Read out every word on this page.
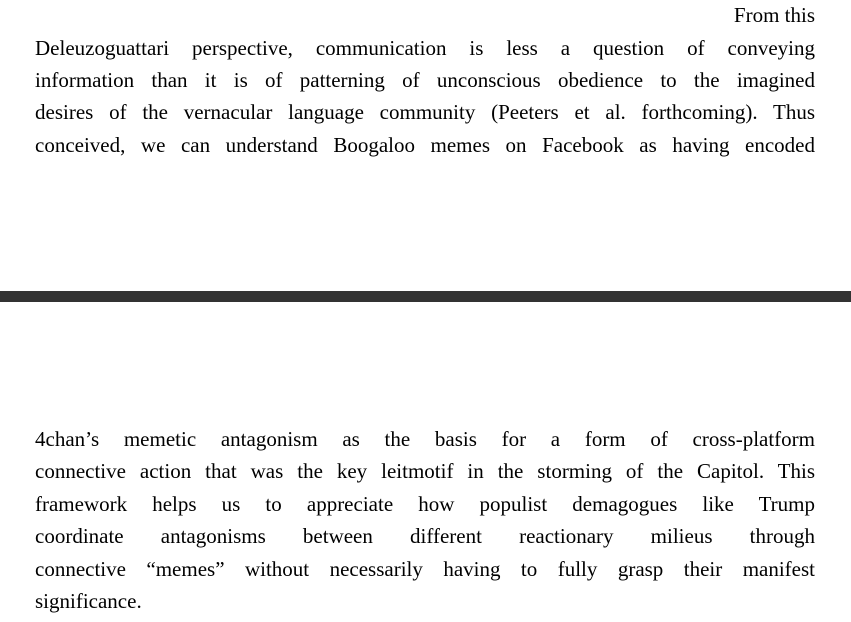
From this
Deleuzoguattari perspective, communication is less a question of conveying
information than it is of patterning of unconscious obedience to the imagined
desires of the vernacular language community (Peeters et al. forthcoming). Thus
conceived, we can understand Boogaloo memes on Facebook as having encoded
4chan’s memetic antagonism as the basis for a form of cross-platform
connective action that was the key leitmotif in the storming of the Capitol. This
framework helps us to appreciate how populist demagogues like Trump
coordinate antagonisms between different reactionary milieus through
connective “memes” without necessarily having to fully grasp their manifest
significance.
